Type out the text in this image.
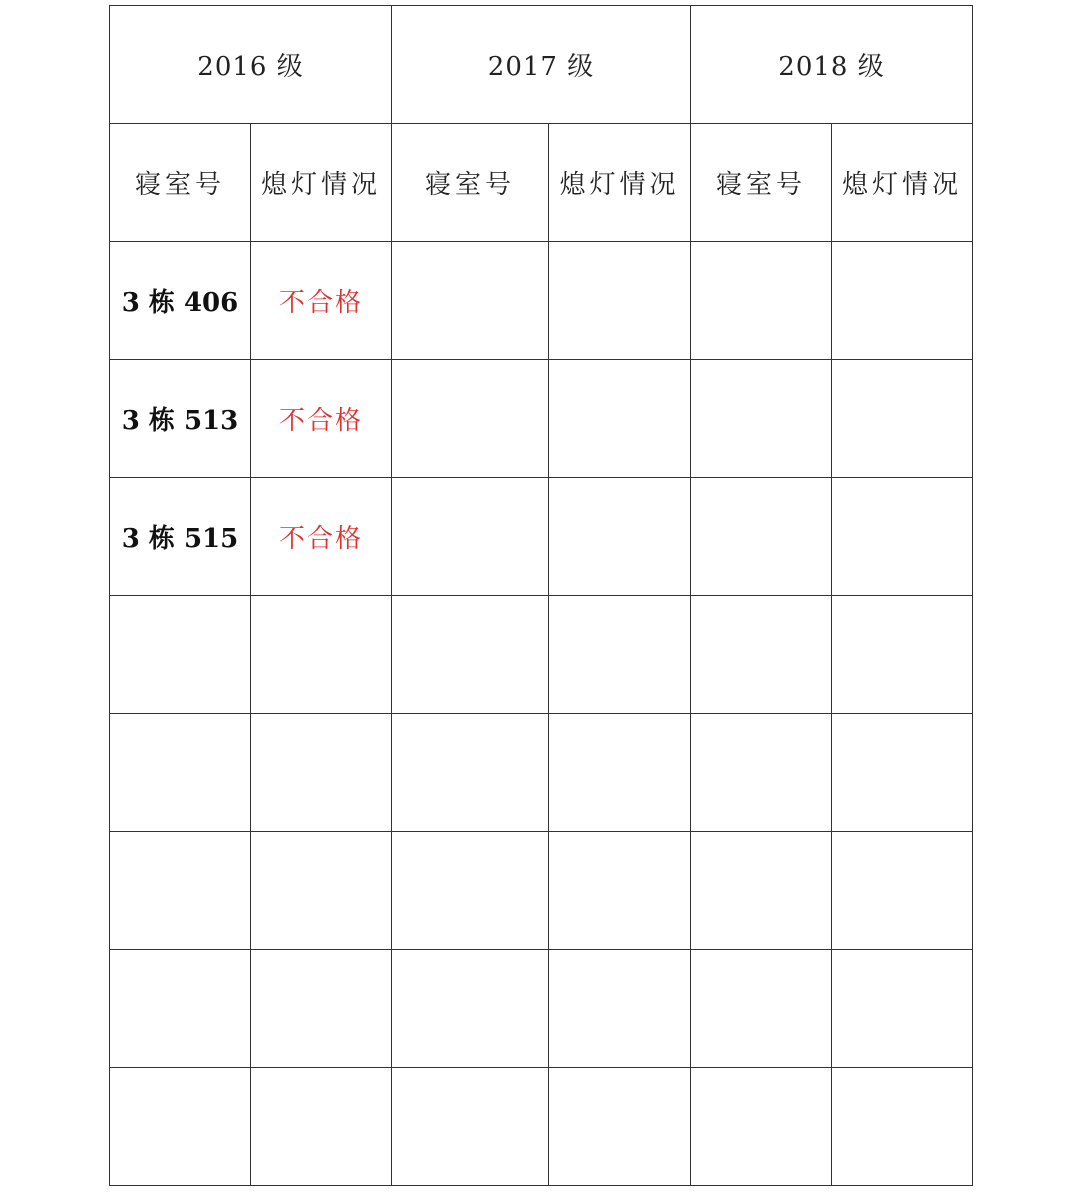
2016 级		2017 级		2018 级	
寝室号	熄灯情况	寝室号	熄灯情况	寝室号	熄灯情况
3 栋 406	不合格				
3 栋 513	不合格				
3 栋 515	不合格				
